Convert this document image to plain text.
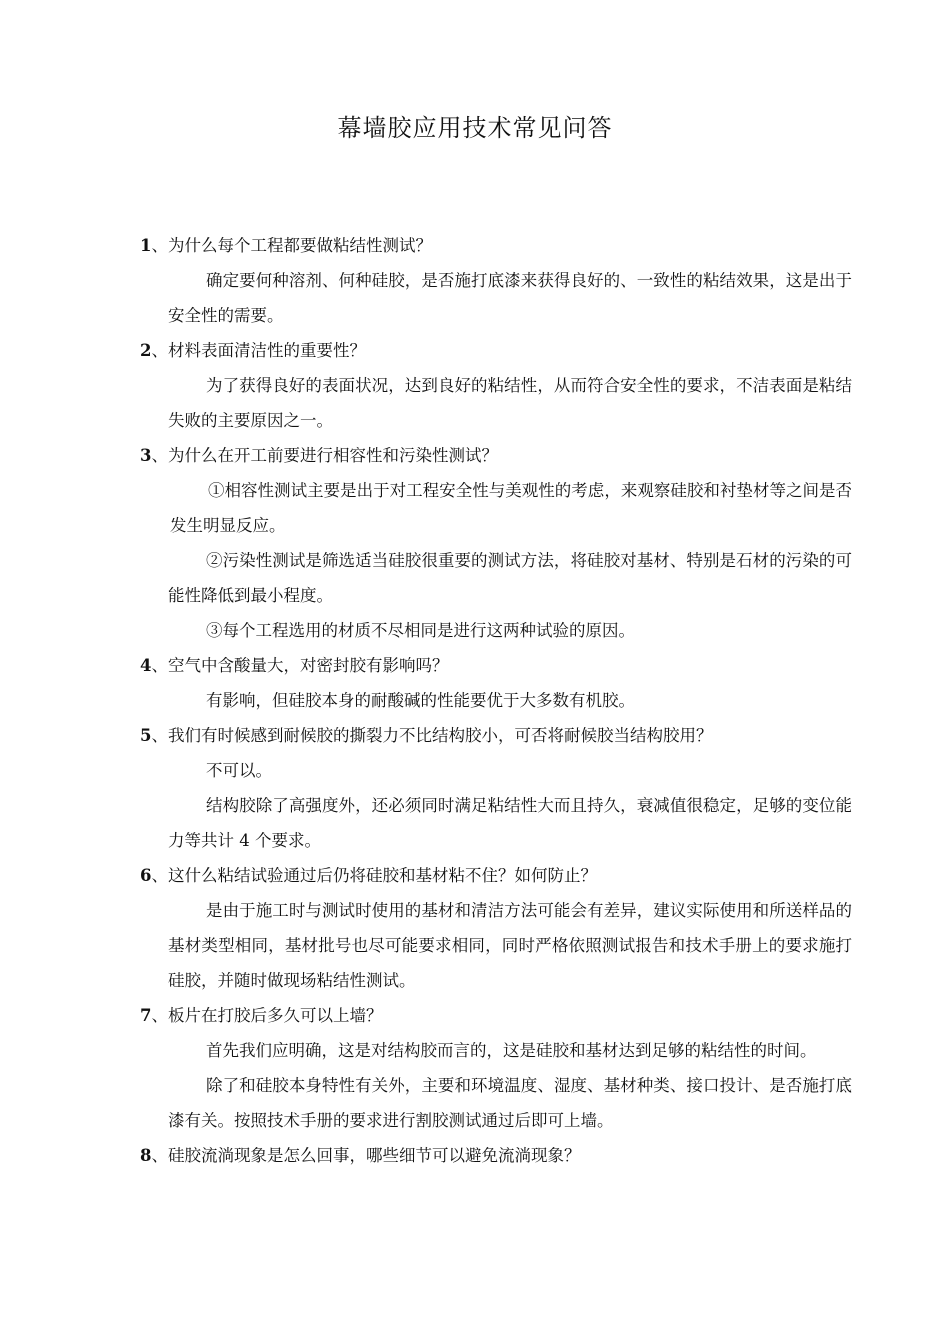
幕墙胶应用技术常见问答
1、为什么每个工程都要做粘结性测试？

确定要何种溶剂、何种硅胶，是否施打底漆来获得良好的、一致性的粘结效果，这是出于安全性的需要。

2、材料表面清洁性的重要性？

为了获得良好的表面状况，达到良好的粘结性，从而符合安全性的要求，不洁表面是粘结失败的主要原因之一。

3、为什么在开工前要进行相容性和污染性测试？

①相容性测试主要是出于对工程安全性与美观性的考虑，来观察硅胶和衬垫材等之间是否发生明显反应。

②污染性测试是筛选适当硅胶很重要的测试方法，将硅胶对基材、特别是石材的污染的可能性降低到最小程度。

③每个工程选用的材质不尽相同是进行这两种试验的原因。

4、空气中含酸量大，对密封胶有影响吗？

有影响，但硅胶本身的耐酸碱的性能要优于大多数有机胶。

5、我们有时候感到耐候胶的撕裂力不比结构胶小，可否将耐候胶当结构胶用？

不可以。

结构胶除了高强度外，还必须同时满足粘结性大而且持久，衰减值很稳定，足够的变位能力等共计 4 个要求。

6、这什么粘结试验通过后仍将硅胶和基材粘不住？如何防止？

是由于施工时与测试时使用的基材和清洁方法可能会有差异，建议实际使用和所送样品的基材类型相同，基材批号也尽可能要求相同，同时严格依照测试报告和技术手册上的要求施打硅胶，并随时做现场粘结性测试。

7、板片在打胶后多久可以上墙？

首先我们应明确，这是对结构胶而言的，这是硅胶和基材达到足够的粘结性的时间。

除了和硅胶本身特性有关外，主要和环境温度、湿度、基材种类、接口投计、是否施打底漆有关。按照技术手册的要求进行割胶测试通过后即可上墙。

8、硅胶流淌现象是怎么回事，哪些细节可以避免流淌现象？
